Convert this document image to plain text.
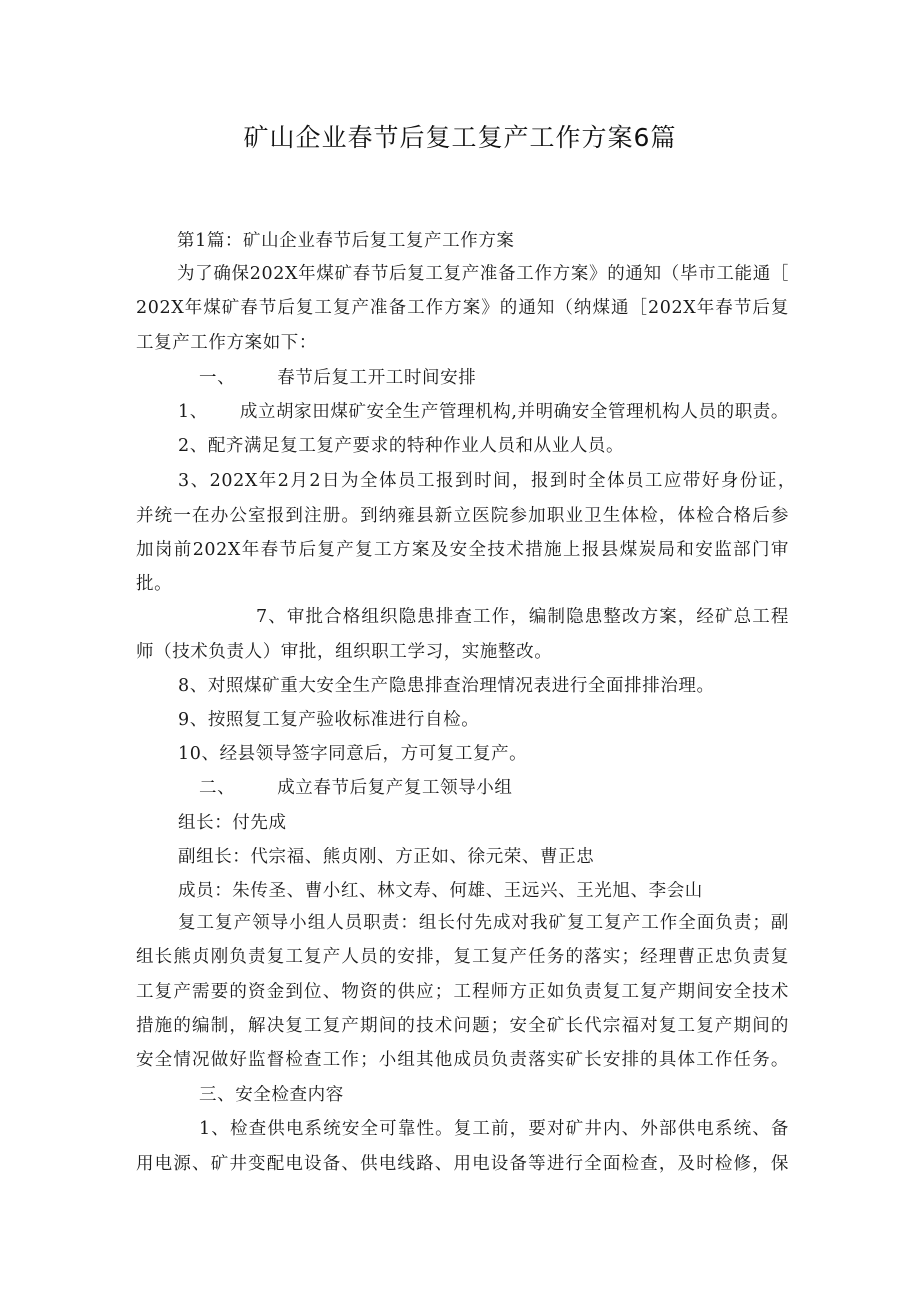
矿山企业春节后复工复产工作方案6篇
第1篇：矿山企业春节后复工复产工作方案
为了确保202X年煤矿春节后复工复产准备工作方案》的通知（毕市工能通［
202X年煤矿春节后复工复产准备工作方案》的通知（纳煤通［202X年春节后复
工复产工作方案如下：
一、 春节后复工开工时间安排
1、 成立胡家田煤矿安全生产管理机构,并明确安全管理机构人员的职责。
2、配齐满足复工复产要求的特种作业人员和从业人员。
3、202X年2月2日为全体员工报到时间，报到时全体员工应带好身份证，
并统一在办公室报到注册。到纳雍县新立医院参加职业卫生体检，体检合格后参
加岗前202X年春节后复产复工方案及安全技术措施上报县煤炭局和安监部门审
批。
7、审批合格组织隐患排查工作，编制隐患整改方案，经矿总工程
师（技术负责人）审批，组织职工学习，实施整改。
8、对照煤矿重大安全生产隐患排查治理情况表进行全面排排治理。
9、按照复工复产验收标准进行自检。
10、经县领导签字同意后，方可复工复产。
二、 成立春节后复产复工领导小组
组长：付先成
副组长：代宗福、熊贞刚、方正如、徐元荣、曹正忠
成员：朱传圣、曹小红、林文寿、何雄、王远兴、王光旭、李会山
复工复产领导小组人员职责：组长付先成对我矿复工复产工作全面负责；副
组长熊贞刚负责复工复产人员的安排，复工复产任务的落实；经理曹正忠负责复
工复产需要的资金到位、物资的供应；工程师方正如负责复工复产期间安全技术
措施的编制，解决复工复产期间的技术问题；安全矿长代宗福对复工复产期间的
安全情况做好监督检查工作；小组其他成员负责落实矿长安排的具体工作任务。
三、安全检查内容
1、检查供电系统安全可靠性。复工前，要对矿井内、外部供电系统、备
用电源、矿井变配电设备、供电线路、用电设备等进行全面检查，及时检修，保
